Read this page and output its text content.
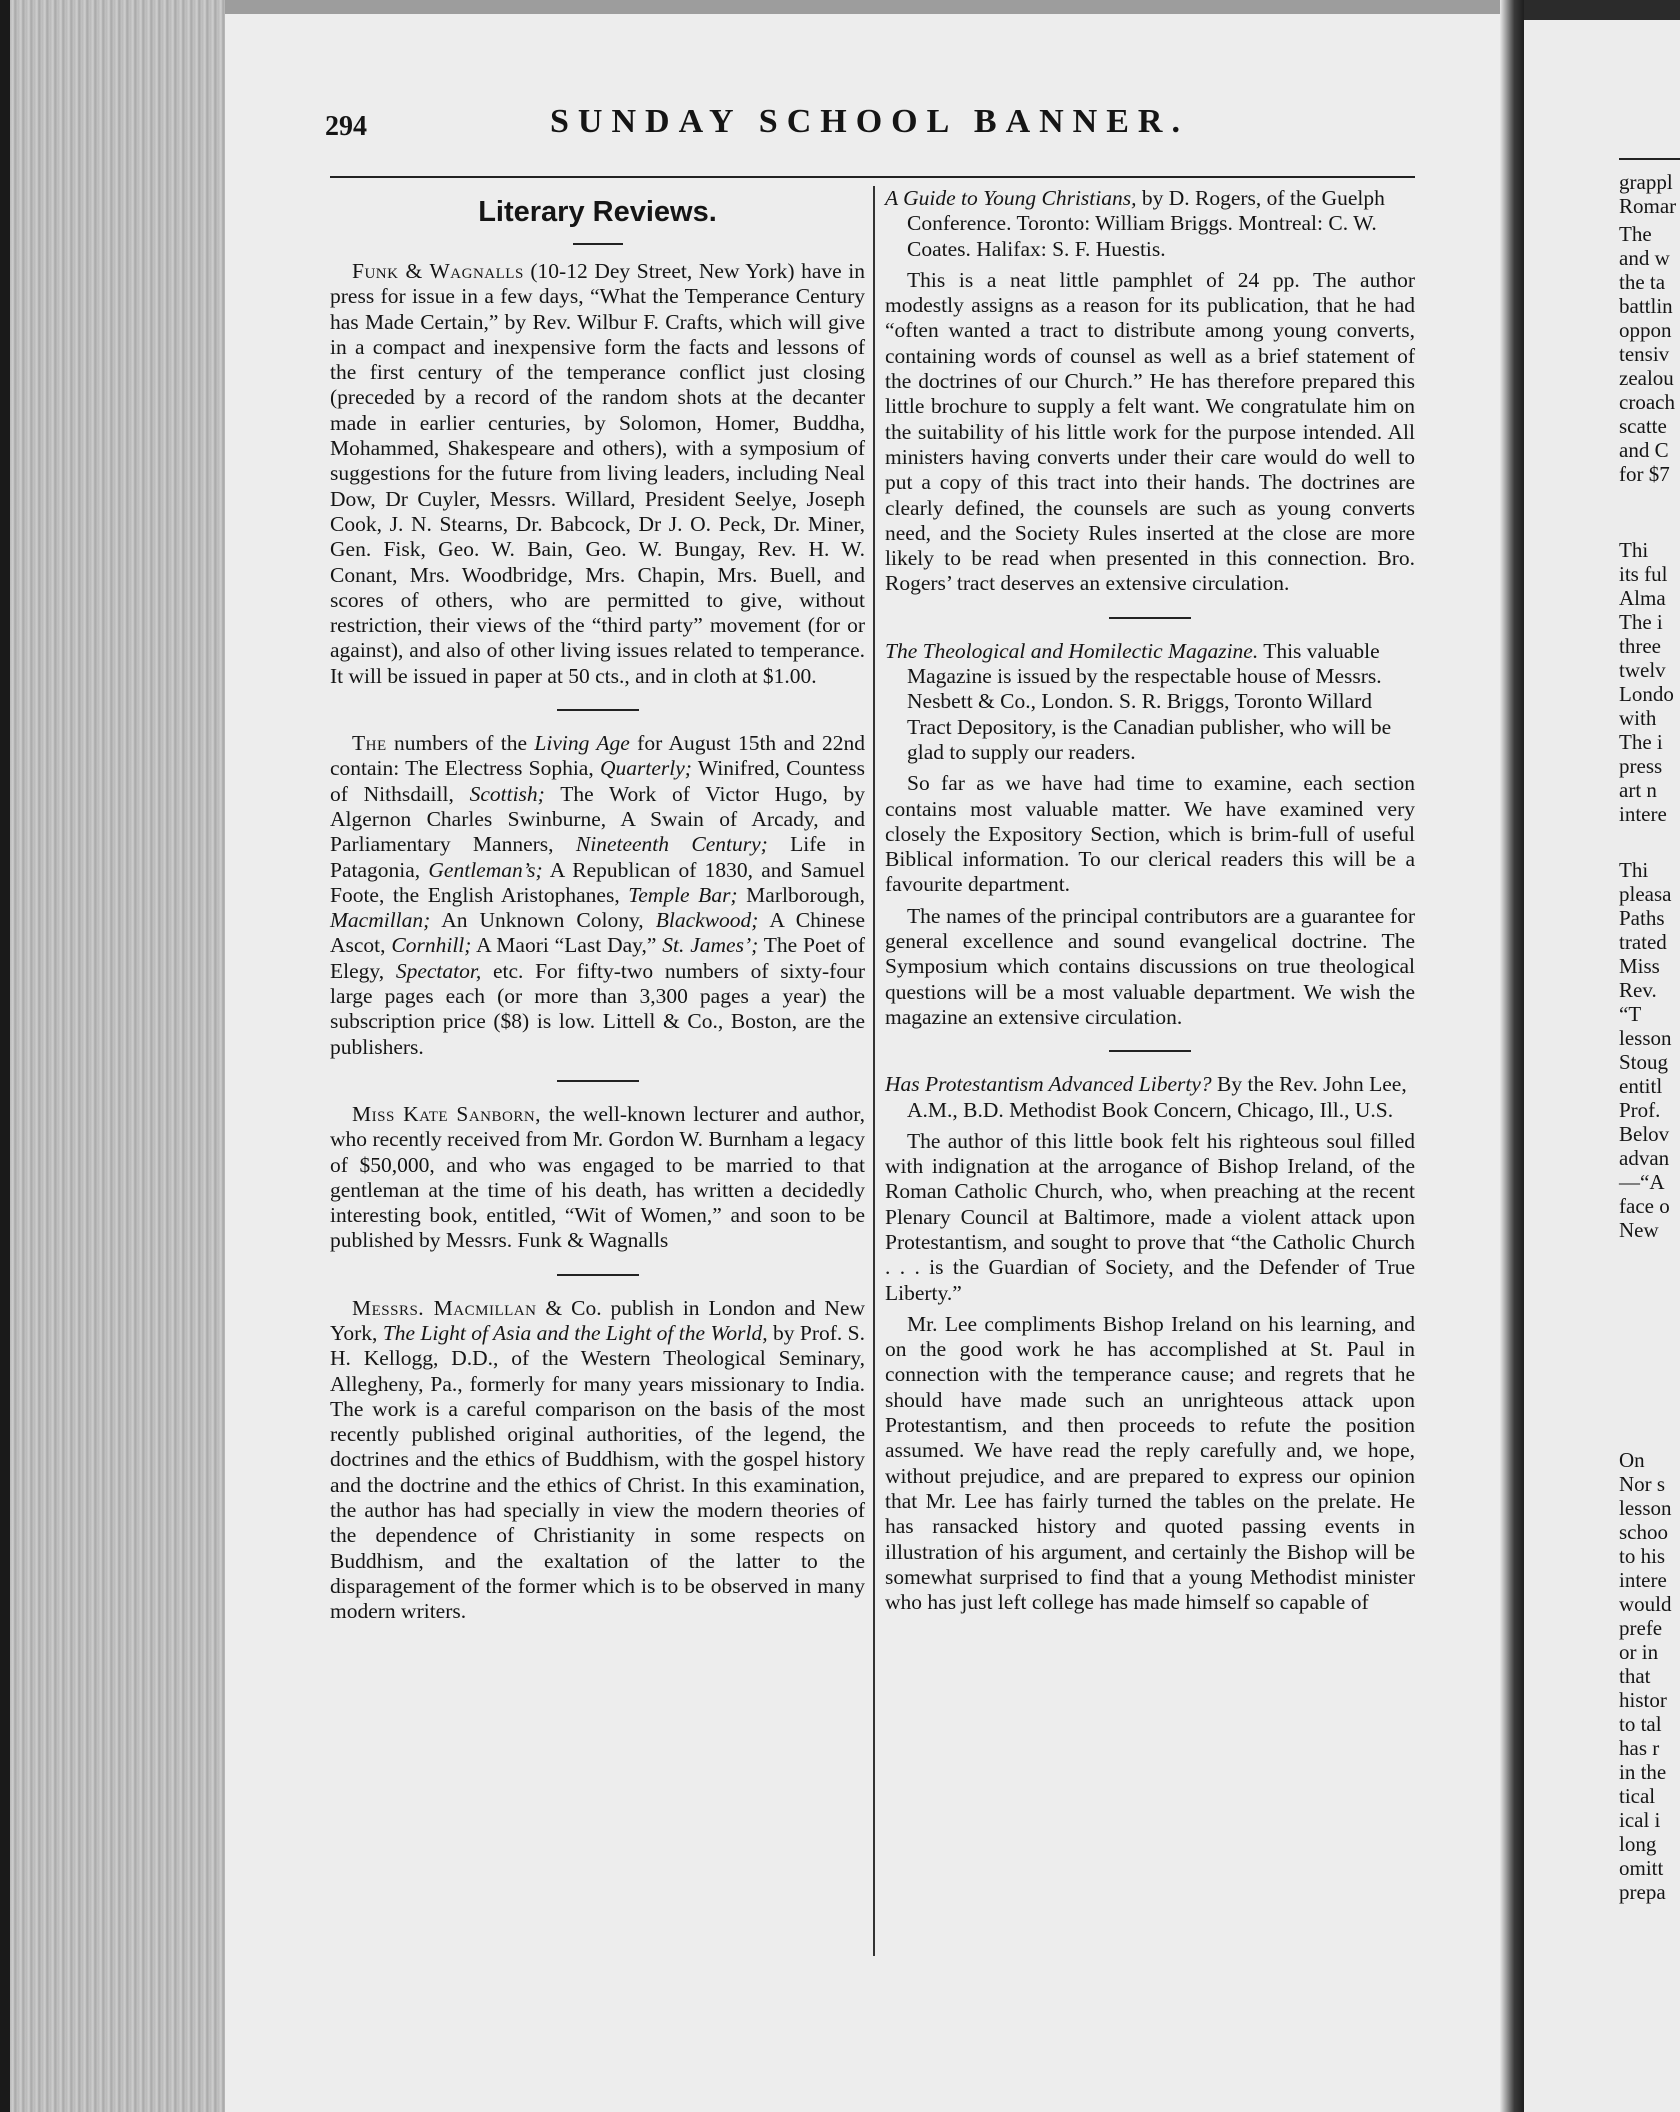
294	SUNDAY SCHOOL BANNER.
Literary Reviews.

Funk & Wagnalls (10-12 Dey Street, New York) have in press for issue in a few days, “What the Temperance Century has Made Certain,” by Rev. Wilbur F. Crafts, which will give in a compact and inexpensive form the facts and lessons of the first century of the temperance conflict just closing (preceded by a record of the random shots at the decanter made in earlier centuries, by Solomon, Homer, Buddha, Mohammed, Shakespeare and others), with a symposium of suggestions for the future from living leaders, including Neal Dow, Dr Cuyler, Messrs. Willard, President Seelye, Joseph Cook, J. N. Stearns, Dr. Babcock, Dr J. O. Peck, Dr. Miner, Gen. Fisk, Geo. W. Bain, Geo. W. Bungay, Rev. H. W. Conant, Mrs. Woodbridge, Mrs. Chapin, Mrs. Buell, and scores of others, who are permitted to give, without restriction, their views of the “third party” movement (for or against), and also of other living issues related to temperance. It will be issued in paper at 50 cts., and in cloth at $1.00.

The numbers of the Living Age for August 15th and 22nd contain: The Electress Sophia, Quarterly; Winifred, Countess of Nithsdaill, Scottish; The Work of Victor Hugo, by Algernon Charles Swinburne, A Swain of Arcady, and Parliamentary Manners, Nineteenth Century; Life in Patagonia, Gentleman’s; A Republican of 1830, and Samuel Foote, the English Aristophanes, Temple Bar; Marlborough, Macmillan; An Unknown Colony, Blackwood; A Chinese Ascot, Cornhill; A Maori “Last Day,” St. James’; The Poet of Elegy, Spectator, etc. For fifty-two numbers of sixty-four large pages each (or more than 3,300 pages a year) the subscription price ($8) is low. Littell & Co., Boston, are the publishers.

Miss Kate Sanborn, the well-known lecturer and author, who recently received from Mr. Gordon W. Burnham a legacy of $50,000, and who was engaged to be married to that gentleman at the time of his death, has written a decidedly interesting book, entitled, “Wit of Women,” and soon to be published by Messrs. Funk & Wagnalls

Messrs. Macmillan & Co. publish in London and New York, The Light of Asia and the Light of the World, by Prof. S. H. Kellogg, D.D., of the Western Theological Seminary, Allegheny, Pa., formerly for many years missionary to India. The work is a careful comparison on the basis of the most recently published original authorities, of the legend, the doctrines and the ethics of Buddhism, with the gospel history and the doctrine and the ethics of Christ. In this examination, the author has had specially in view the modern theories of the dependence of Christianity in some respects on Buddhism, and the exaltation of the latter to the disparagement of the former which is to be observed in many modern writers.

A Guide to Young Christians, by D. Rogers, of the Guelph Conference. Toronto: William Briggs. Montreal: C. W. Coates. Halifax: S. F. Huestis.

This is a neat little pamphlet of 24 pp. The author modestly assigns as a reason for its publication, that he had “often wanted a tract to distribute among young converts, containing words of counsel as well as a brief statement of the doctrines of our Church.” He has therefore prepared this little brochure to supply a felt want. We congratulate him on the suitability of his little work for the purpose intended. All ministers having converts under their care would do well to put a copy of this tract into their hands. The doctrines are clearly defined, the counsels are such as young converts need, and the Society Rules inserted at the close are more likely to be read when presented in this connection. Bro. Rogers’ tract deserves an extensive circulation.

The Theological and Homilectic Magazine. This valuable Magazine is issued by the respectable house of Messrs. Nesbett & Co., London. S. R. Briggs, Toronto Willard Tract Depository, is the Canadian publisher, who will be glad to supply our readers.

So far as we have had time to examine, each section contains most valuable matter. We have examined very closely the Expository Section, which is brim-full of useful Biblical information. To our clerical readers this will be a favourite department.

The names of the principal contributors are a guarantee for general excellence and sound evangelical doctrine. The Symposium which contains discussions on true theological questions will be a most valuable department. We wish the magazine an extensive circulation.

Has Protestantism Advanced Liberty? By the Rev. John Lee, A.M., B.D. Methodist Book Concern, Chicago, Ill., U.S.

The author of this little book felt his righteous soul filled with indignation at the arrogance of Bishop Ireland, of the Roman Catholic Church, who, when preaching at the recent Plenary Council at Baltimore, made a violent attack upon Protestantism, and sought to prove that “the Catholic Church . . . is the Guardian of Society, and the Defender of True Liberty.”

Mr. Lee compliments Bishop Ireland on his learning, and on the good work he has accomplished at St. Paul in connection with the temperance cause; and regrets that he should have made such an unrighteous attack upon Protestantism, and then proceeds to refute the position assumed. We have read the reply carefully and, we hope, without prejudice, and are prepared to express our opinion that Mr. Lee has fairly turned the tables on the prelate. He has ransacked history and quoted passing events in illustration of his argument, and certainly the Bishop will be somewhat surprised to find that a young Methodist minister who has just left college has made himself so capable of

grappl
Romar
The
and w
the ta
battlin
oppon
tensiv
zealou
croach
scatte
and C
for $7
Thi
its ful
Alma
The i
three
twelv
Londo
with
The i
press
art n
intere
Thi
pleasa
Paths
trated
Miss
Rev.
“T
lesson
Stoug
entitl
Prof.
Belov
advan
—“A
face o
New
On
Nor s
lesson
schoo
to his
intere
would
prefe
or in
that
histor
to tal
has r
in the
tical
ical i
long
omitt
prepa
